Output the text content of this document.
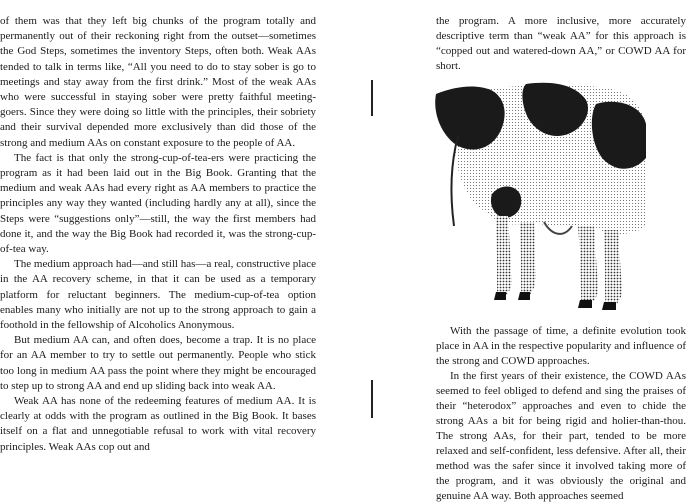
of them was that they left big chunks of the program totally and permanently out of their reckoning right from the outset—sometimes the God Steps, sometimes the inventory Steps, often both. Weak AAs tended to talk in terms like, “All you need to do to stay sober is go to meetings and stay away from the first drink.” Most of the weak AAs who were successful in staying sober were pretty faithful meeting-goers. Since they were doing so little with the principles, their sobriety and their survival depended more exclusively than did those of the strong and medium AAs on constant exposure to the people of AA.

The fact is that only the strong-cup-of-tea-ers were practicing the program as it had been laid out in the Big Book. Granting that the medium and weak AAs had every right as AA members to practice the principles any way they wanted (including hardly any at all), since the Steps were “suggestions only”—still, the way the first members had done it, and the way the Big Book had recorded it, was the strong-cup-of-tea way.

The medium approach had—and still has—a real, constructive place in the AA recovery scheme, in that it can be used as a temporary platform for reluctant beginners. The medium-cup-of-tea option enables many who initially are not up to the strong approach to gain a foothold in the fellowship of Alcoholics Anonymous.

But medium AA can, and often does, become a trap. It is no place for an AA member to try to settle out permanently. People who stick too long in medium AA pass the point where they might be encouraged to step up to strong AA and end up sliding back into weak AA.

Weak AA has none of the redeeming features of medium AA. It is clearly at odds with the program as outlined in the Big Book. It bases itself on a flat and unnegotiable refusal to work with vital recovery principles. Weak AAs cop out and

the program. A more inclusive, more accurately descriptive term than “weak AA” for this approach is “copped out and watered-down AA,” or COWD AA for short.

With the passage of time, a definite evolution took place in AA in the respective popularity and influence of the strong and COWD approaches.

In the first years of their existence, the COWD AAs seemed to feel obliged to defend and sing the praises of their “heterodox” approaches and even to chide the strong AAs a bit for being rigid and holier-than-thou. The strong AAs, for their part, tended to be more relaxed and self-confident, less defensive. After all, their method was the safer since it involved taking more of the program, and it was obviously the original and genuine AA way. Both approaches seemed
